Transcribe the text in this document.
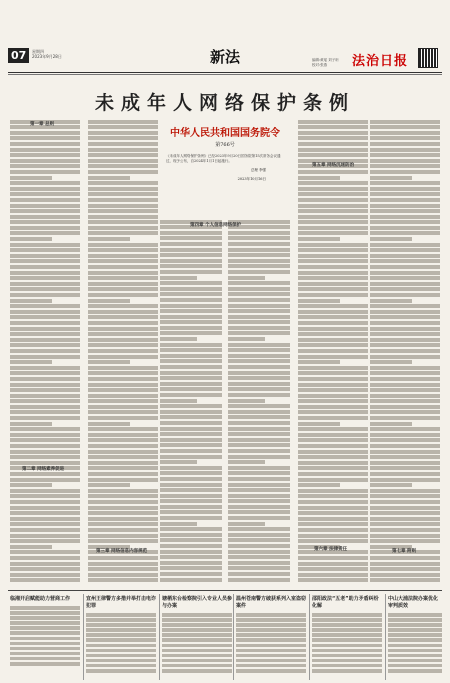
07	星期四
2023年9月28日	新法	编辑:黄瑶 刘子珩
校对:张燕	法治日报
未成年人网络保护条例
中华人民共和国国务院令
第766号
《未成年人网络保护条例》已经2023年9月20日国务院第15次常务会议通过，现予公布，自2024年1月1日起施行。
总理 李强
2023年10月16日
第一章 总则
第二章 网络素养促进
第三章 网络信息内容规范
第四章 个人信息网络保护
第五章 网络沉迷防治
第六章 法律责任	第七章 附则
临湘开启赋能助力营商工作	宜州王律警方多措并举打击电诈犯罪
塘栖东台检察院引入专业人员参与办案
温州苍南警方破获系列入室盗窃案件
邵阳政法“五老”助力矛盾纠纷化解
中山大浦法院办案优化审判质效
